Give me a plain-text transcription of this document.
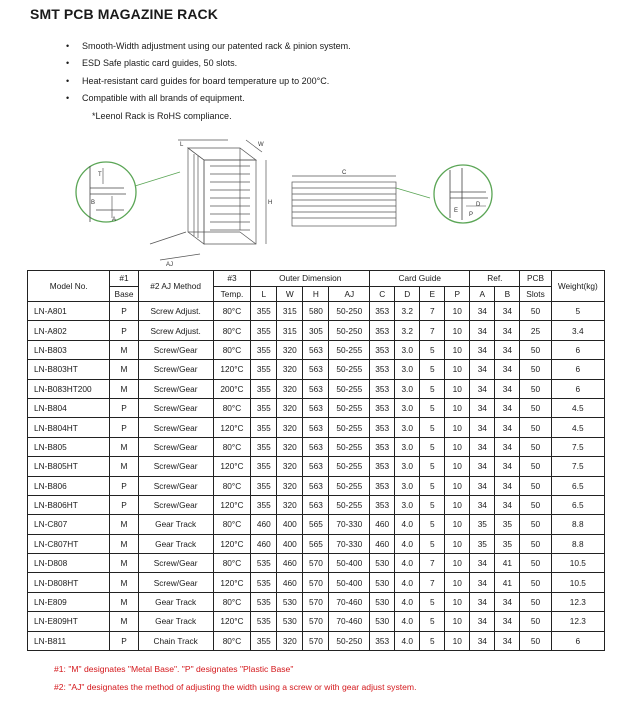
SMT PCB MAGAZINE RACK
• Smooth-Width adjustment using our patented rack & pinion system.
• ESD Safe plastic card guides, 50 slots.
• Heat-resistant card guides for board temperature up to 200°C.
• Compatible with all brands of equipment.
*Leenol Rack is RoHS compliance.
T
B
A
L	W
H
AJ
C
E
P
D
Model No.	#1	#2 AJ Method	#3	Outer Dimension				Card Guide				Ref.		PCB	Weight(kg)
	Base		Temp.	L	W	H	AJ	C	D	E	P	A	B	Slots	
LN-A801	P	Screw Adjust.	80°C	355	315	580	50-250	353	3.2	7	10	34	34	50	5
LN-A802	P	Screw Adjust.	80°C	355	315	305	50-250	353	3.2	7	10	34	34	25	3.4
LN-B803	M	Screw/Gear	80°C	355	320	563	50-255	353	3.0	5	10	34	34	50	6
LN-B803HT	M	Screw/Gear	120°C	355	320	563	50-255	353	3.0	5	10	34	34	50	6
LN-B083HT200	M	Screw/Gear	200°C	355	320	563	50-255	353	3.0	5	10	34	34	50	6
LN-B804	P	Screw/Gear	80°C	355	320	563	50-255	353	3.0	5	10	34	34	50	4.5
LN-B804HT	P	Screw/Gear	120°C	355	320	563	50-255	353	3.0	5	10	34	34	50	4.5
LN-B805	M	Screw/Gear	80°C	355	320	563	50-255	353	3.0	5	10	34	34	50	7.5
LN-B805HT	M	Screw/Gear	120°C	355	320	563	50-255	353	3.0	5	10	34	34	50	7.5
LN-B806	P	Screw/Gear	80°C	355	320	563	50-255	353	3.0	5	10	34	34	50	6.5
LN-B806HT	P	Screw/Gear	120°C	355	320	563	50-255	353	3.0	5	10	34	34	50	6.5
LN-C807	M	Gear Track	80°C	460	400	565	70-330	460	4.0	5	10	35	35	50	8.8
LN-C807HT	M	Gear Track	120°C	460	400	565	70-330	460	4.0	5	10	35	35	50	8.8
LN-D808	M	Screw/Gear	80°C	535	460	570	50-400	530	4.0	7	10	34	41	50	10.5
LN-D808HT	M	Screw/Gear	120°C	535	460	570	50-400	530	4.0	7	10	34	41	50	10.5
LN-E809	M	Gear Track	80°C	535	530	570	70-460	530	4.0	5	10	34	34	50	12.3
LN-E809HT	M	Gear Track	120°C	535	530	570	70-460	530	4.0	5	10	34	34	50	12.3
LN-B811	P	Chain Track	80°C	355	320	570	50-250	353	4.0	5	10	34	34	50	6
#1: "M" designates "Metal Base". "P" designates "Plastic Base"
#2: "AJ" designates the method of adjusting the width using a screw or with gear adjust system.
